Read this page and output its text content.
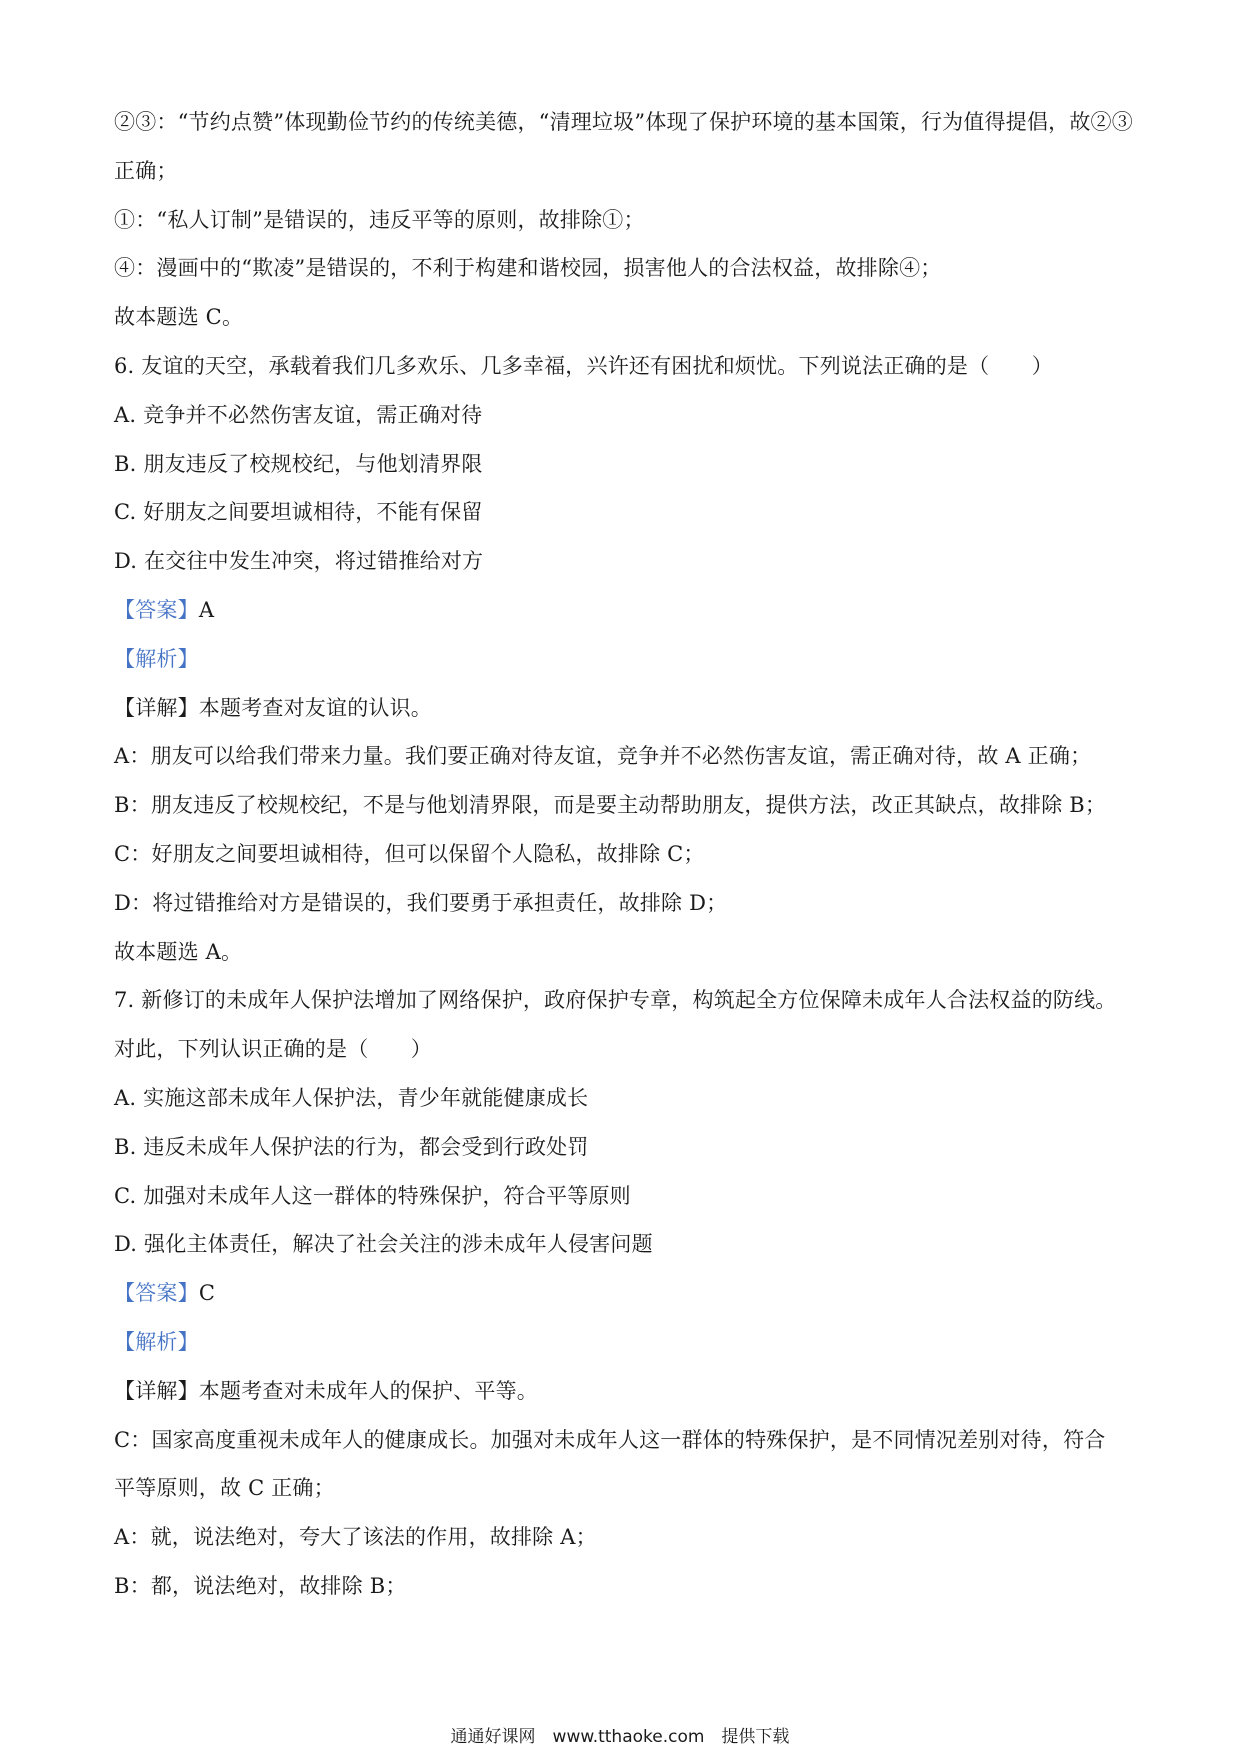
②③：“节约点赞”体现勤俭节约的传统美德，“清理垃圾”体现了保护环境的基本国策，行为值得提倡，故②③
正确；
①：“私人订制”是错误的，违反平等的原则，故排除①；
④：漫画中的“欺凌”是错误的，不利于构建和谐校园，损害他人的合法权益，故排除④；
故本题选 C。
6. 友谊的天空，承载着我们几多欢乐、几多幸福，兴许还有困扰和烦忧。下列说法正确的是（　　）
A. 竞争并不必然伤害友谊，需正确对待
B. 朋友违反了校规校纪，与他划清界限
C. 好朋友之间要坦诚相待，不能有保留
D. 在交往中发生冲突，将过错推给对方
【答案】A
【解析】
【详解】本题考查对友谊的认识。
A：朋友可以给我们带来力量。我们要正确对待友谊，竞争并不必然伤害友谊，需正确对待，故 A 正确；
B：朋友违反了校规校纪，不是与他划清界限，而是要主动帮助朋友，提供方法，改正其缺点，故排除 B；
C：好朋友之间要坦诚相待，但可以保留个人隐私，故排除 C；
D：将过错推给对方是错误的，我们要勇于承担责任，故排除 D；
故本题选 A。
7. 新修订的未成年人保护法增加了网络保护，政府保护专章，构筑起全方位保障未成年人合法权益的防线。
对此，下列认识正确的是（　　）
A. 实施这部未成年人保护法，青少年就能健康成长
B. 违反未成年人保护法的行为，都会受到行政处罚
C. 加强对未成年人这一群体的特殊保护，符合平等原则
D. 强化主体责任，解决了社会关注的涉未成年人侵害问题
【答案】C
【解析】
【详解】本题考查对未成年人的保护、平等。
C：国家高度重视未成年人的健康成长。加强对未成年人这一群体的特殊保护，是不同情况差别对待，符合
平等原则，故 C 正确；
A：就，说法绝对，夸大了该法的作用，故排除 A；
B：都，说法绝对，故排除 B；
通通好课网　www.tthaoke.com　提供下载
